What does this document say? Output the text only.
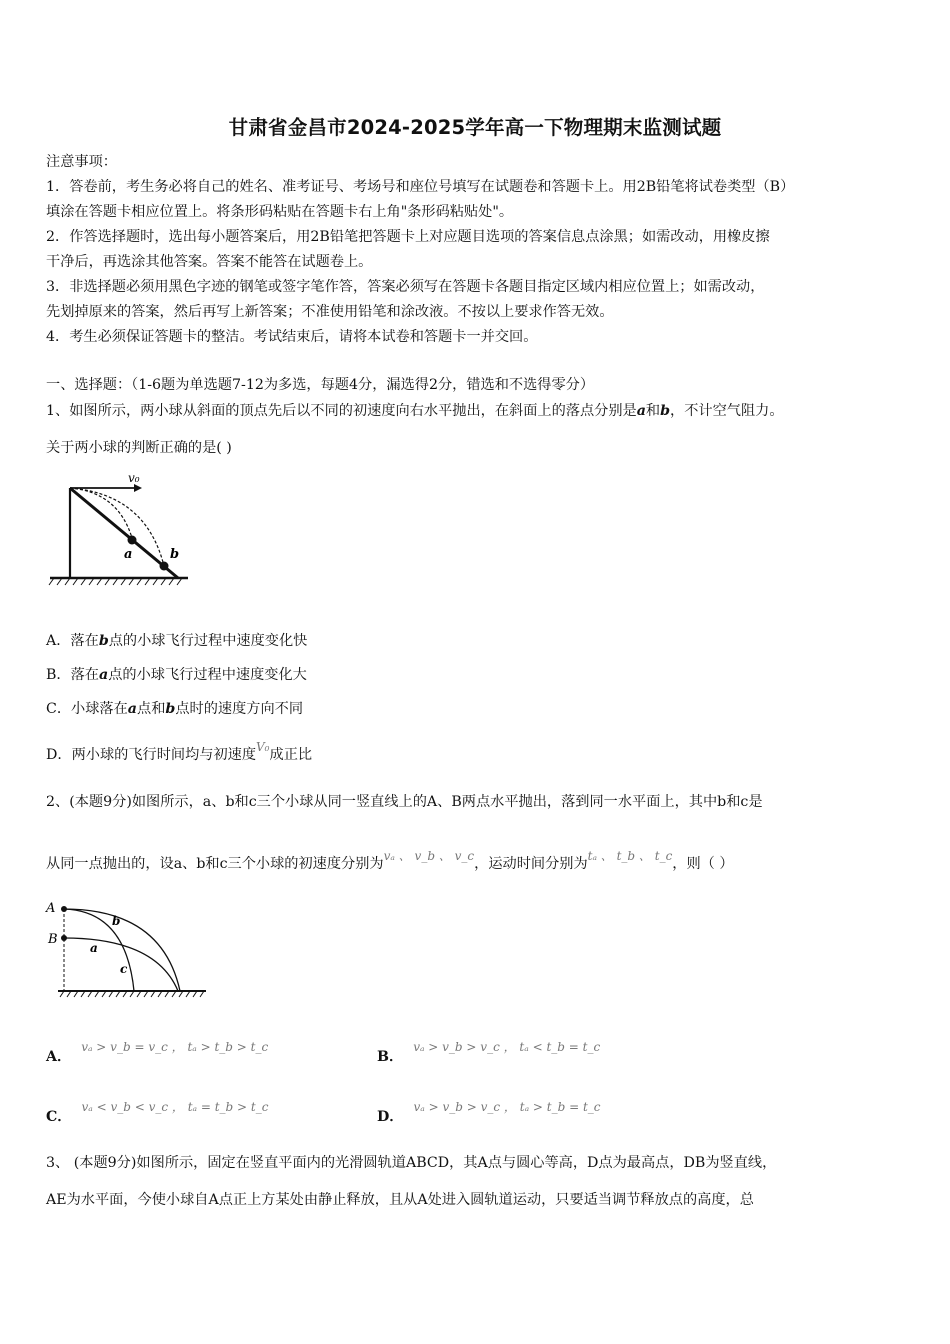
甘肃省金昌市2024-2025学年高一下物理期末监测试题
注意事项：
1．答卷前，考生务必将自己的姓名、准考证号、考场号和座位号填写在试题卷和答题卡上。用2B铅笔将试卷类型（B）
填涂在答题卡相应位置上。将条形码粘贴在答题卡右上角"条形码粘贴处"。
2．作答选择题时，选出每小题答案后，用2B铅笔把答题卡上对应题目选项的答案信息点涂黑；如需改动，用橡皮擦
干净后，再选涂其他答案。答案不能答在试题卷上。
3．非选择题必须用黑色字迹的钢笔或签字笔作答，答案必须写在答题卡各题目指定区域内相应位置上；如需改动，
先划掉原来的答案，然后再写上新答案；不准使用铅笔和涂改液。不按以上要求作答无效。
4．考生必须保证答题卡的整洁。考试结束后，请将本试卷和答题卡一并交回。
一、选择题：（1-6题为单选题7-12为多选，每题4分，漏选得2分，错选和不选得零分）
1、如图所示，两小球从斜面的顶点先后以不同的初速度向右水平抛出，在斜面上的落点分别是a和b，不计空气阻力。
关于两小球的判断正确的是( )
v₀
a	b
A．落在b点的小球飞行过程中速度变化快
B．落在a点的小球飞行过程中速度变化大
C．小球落在a点和b点时的速度方向不同
D．两小球的飞行时间均与初速度$^{V_0}$成正比
2、(本题9分)如图所示，a、b和c三个小球从同一竖直线上的A、B两点水平抛出，落到同一水平面上，其中b和c是
从同一点抛出的，设a、b和c三个小球的初速度分别为$^{v_a 、 v\_b 、 v\_c}$，运动时间分别为$^{t_a 、 t\_b 、 t\_c}$，则（ ）
A
B
b
a
c
A．vₐ > v_b = v_c ， tₐ > t_b > t_c
B．vₐ > v_b > v_c ， tₐ < t_b = t_c
C．vₐ < v_b < v_c ， tₐ = t_b > t_c
D．vₐ > v_b > v_c ， tₐ > t_b = t_c
3、 (本题9分)如图所示，固定在竖直平面内的光滑圆轨道ABCD，其A点与圆心等高，D点为最高点，DB为竖直线，
AE为水平面，今使小球自A点正上方某处由静止释放，且从A处进入圆轨道运动，只要适当调节释放点的高度，总
